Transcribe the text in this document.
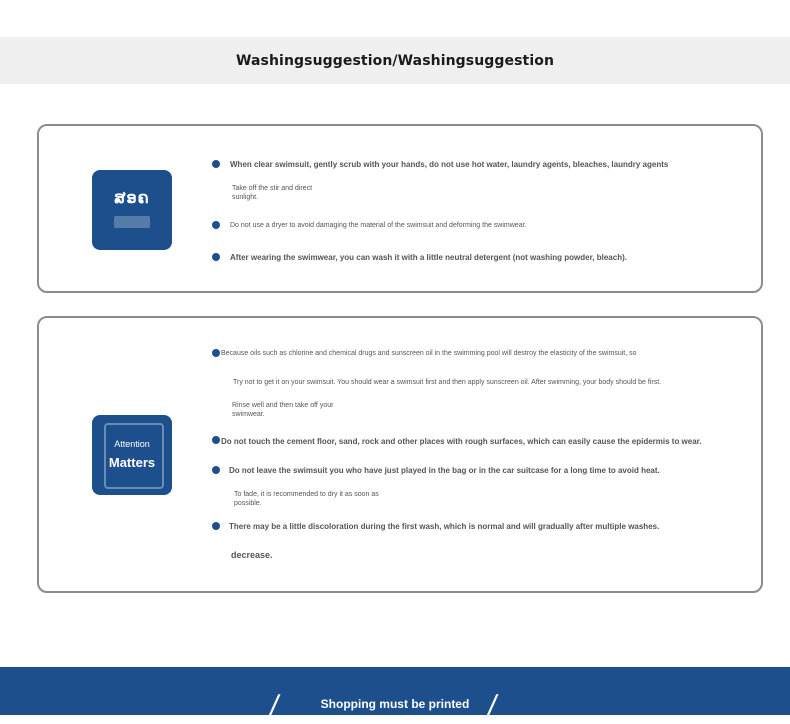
Washingsuggestion/Washingsuggestion
ສອ​ຄ
When clear swimsuit, gently scrub with your hands, do not use hot water, laundry agents, bleaches, laundry agents
Take off the stir and direct
sunlight.
Do not use a dryer to avoid damaging the material of the swimsuit and deforming the swimwear.
After wearing the swimwear, you can wash it with a little neutral detergent (not washing powder, bleach).
Attention
Matters
Because oils such as chlorine and chemical drugs and sunscreen oil in the swimming pool will destroy the elasticity of the swimsuit, so
Try not to get it on your swimsuit. You should wear a swimsuit first and then apply sunscreen oil. After swimming, your body should be first.
Rinse well and then take off your
swimwear.
Do not touch the cement floor, sand, rock and other places with rough surfaces, which can easily cause the epidermis to wear.
Do not leave the swimsuit you who have just played in the bag or in the car suitcase for a long time to avoid heat.
To fade, it is recommended to dry it as soon as
possible.
There may be a little discoloration during the first wash, which is normal and will gradually after multiple washes.
decrease.
/	/
Shopping must be printed
